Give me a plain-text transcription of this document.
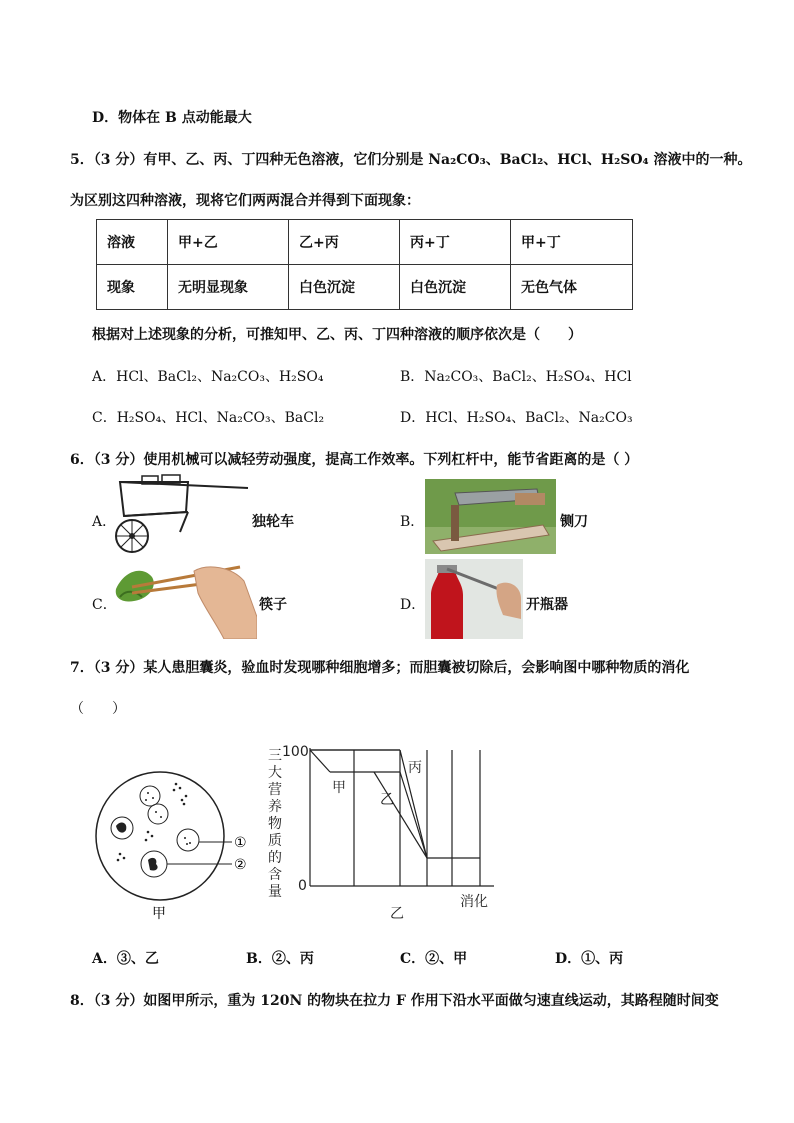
D．物体在 B 点动能最大
5．（3 分）有甲、乙、丙、丁四种无色溶液，它们分别是 Na₂CO₃、BaCl₂、HCl、H₂SO₄ 溶液中的一种。
为区别这四种溶液，现将它们两两混合并得到下面现象：
溶液	甲+乙	乙+丙	丙+丁	甲+丁
现象	无明显现象	白色沉淀	白色沉淀	无色气体
根据对上述现象的分析，可推知甲、乙、丙、丁四种溶液的顺序依次是（　　）
A．HCl、BaCl₂、Na₂CO₃、H₂SO₄	B．Na₂CO₃、BaCl₂、H₂SO₄、HCl
C．H₂SO₄、HCl、Na₂CO₃、BaCl₂	D．HCl、H₂SO₄、BaCl₂、Na₂CO₃
6．（3 分）使用机械可以减轻劳动强度，提高工作效率。下列杠杆中，能节省距离的是（ ）
A．	独轮车	B．	铡刀
C．	筷子	D．	开瓶器
7．（3 分）某人患胆囊炎，验血时发现哪种细胞增多；而胆囊被切除后，会影响图中哪种物质的消化
（　　）
①
②
甲
三
大
营
养
物
质
的
含
量
100
0
消化
甲
乙
丙
乙
A．③、乙	B．②、丙	C．②、甲	D．①、丙
8．（3 分）如图甲所示，重为 120N 的物块在拉力 F 作用下沿水平面做匀速直线运动，其路程随时间变
